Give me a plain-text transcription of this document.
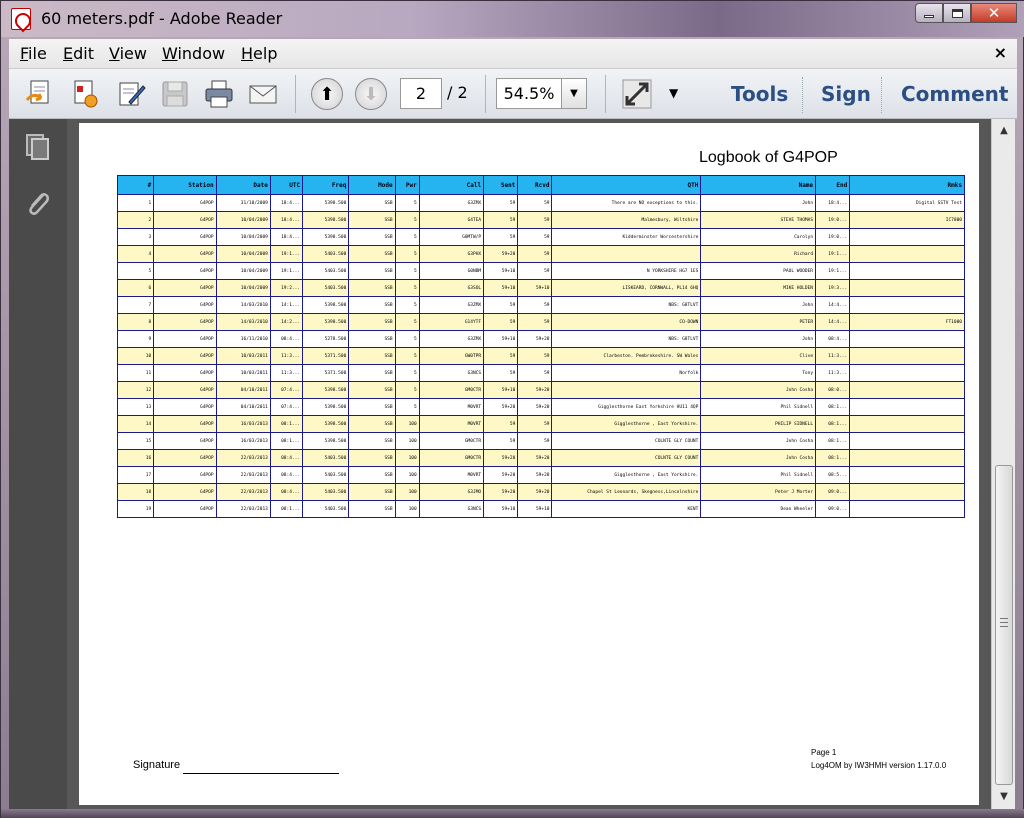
60 meters.pdf - Adobe Reader	✕
File Edit View Window Help	×
⬆ ⬇	2	/ 2	54.5%	▼	▼	Tools Sign Comment
Logbook of G4POP
#	Station	Date	UTC	Freq	Mode	Pwr	Call	Sent	Rcvd	QTH	Name	End	Rmks
1	G4POP	31/10/2009	18:4...	5398.500	SSB	5	G3ZMX	59	59	There are NO exceptions to this.	John	18:4...	Digital SSTV Test
2	G4POP	10/04/2009	18:4...	5398.500	SSB	5	G4TEA	59	59	Malmesbury, Wiltshire	STEVE THOMAS	19:0...	IC7800
3	G4POP	10/04/2009	18:4...	5398.500	SSB	5	G0MTW/P	59	59	Kidderminster Worcestershire	Carolyn	19:0...	
4	G4POP	10/04/2009	19:1...	5403.500	SSB	5	G3PHX	59+20	59		Richard	19:1...	
5	G4POP	10/04/2009	19:1...	5403.500	SSB	5	G0NBM	59+10	59	N YORKSHIRE HG7 1ES	PAUL WOODER	19:1...	
6	G4POP	10/04/2009	19:2...	5403.500	SSB	5	G3SOL	59+10	59+10	LISKEARD, CORNWALL, PL14 6HQ	MIKE HOLDEN	19:3...	
7	G4POP	14/03/2010	14:1...	5398.500	SSB	5	G3ZMX	59	59	NBS: G8TLVT	John	14:4...	
8	G4POP	14/03/2010	14:2...	5398.500	SSB	5	G14YTF	59	59	CO-DOWN	PETER	14:4...	FT1000
9	G4POP	16/11/2010	08:4...	5278.500	SSB	5	G3ZMX	59+10	59+20	NBS: G8TLVT	John	08:4...	
10	G4POP	10/03/2011	11:3...	5371.500	SSB	5	GW0TPR	59	59	Clarbeston. Pembrokeshire. SW Wales	Clive	11:3...	
11	G4POP	10/03/2011	11:3...	5371.500	SSB	5	G3NCS	59	59	Norfolk	Tony	11:3...	
12	G4POP	04/10/2011	07:4...	5398.500	SSB	5	GM0CTR	59+10	59+20		John Cosha	08:0...	
13	G4POP	04/10/2011	07:4...	5398.500	SSB	5	M0VRT	59+20	59+20	Gigglesthorne East Yorkshire HU11 4QP	Phil Sidnell	08:1...	
14	G4POP	16/03/2013	08:1...	5398.500	SSB	100	M0VRT	59	59	Gigglesthorne , East Yorkshire.	PHILIP SIDNELL	08:1...	
15	G4POP	16/03/2013	08:1...	5398.500	SSB	100	GM0CTR	59	59	COLNTE GLY COUNT	John Cosha	08:1...	
16	G4POP	22/03/2013	08:4...	5403.500	SSB	100	GM0CTR	59+20	59+20	COLNTE GLY COUNT	John Cosha	08:1...	
17	G4POP	22/03/2013	08:4...	5403.500	SSB	100	M0VRT	59+20	59+20	Gigglesthorne , East Yorkshire.	Phil Sidnell	08:5...	
18	G4POP	22/03/2013	08:4...	5403.500	SSB	100	G3JMO	59+20	59+20	Chapel St Leonards, Skegness,Lincolnshire	Peter J Morter	09:0...	
19	G4POP	22/03/2013	08:1...	5403.500	SSB	100	G3NCS	59+10	59+10	KENT	Dean Wheeler	09:0...	
Signature
Page 1
Log4OM by IW3HMH version 1.17.0.0
▲
▼
